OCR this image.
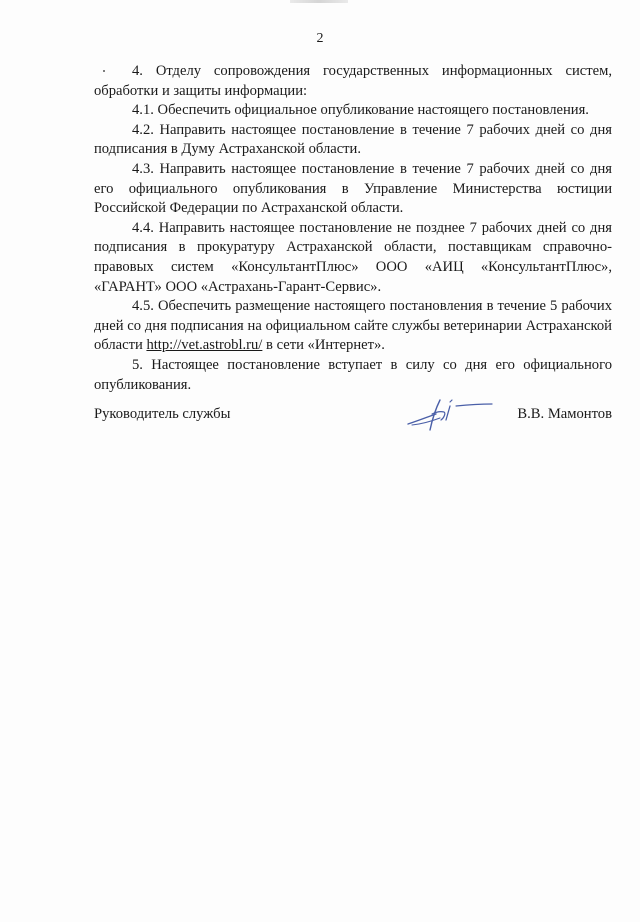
2

4. Отделу сопровождения государственных информационных систем, обработки и защиты информации:

4.1. Обеспечить официальное опубликование настоящего постановления.

4.2. Направить настоящее постановление в течение 7 рабочих дней со дня подписания в Думу Астраханской области.

4.3. Направить настоящее постановление в течение 7 рабочих дней со дня его официального опубликования в Управление Министерства юстиции Российской Федерации по Астраханской области.

4.4. Направить настоящее постановление не позднее 7 рабочих дней со дня подписания в прокуратуру Астраханской области, поставщикам справочно-правовых систем «КонсультантПлюс» ООО «АИЦ «КонсультантПлюс», «ГАРАНТ» ООО «Астрахань-Гарант-Сервис».

4.5. Обеспечить размещение настоящего постановления в течение 5 рабочих дней со дня подписания на официальном сайте службы ветеринарии Астраханской области http://vet.astrobl.ru/ в сети «Интернет».

5. Настоящее постановление вступает в силу со дня его официального опубликования.

Руководитель службы	В.В. Мамонтов
